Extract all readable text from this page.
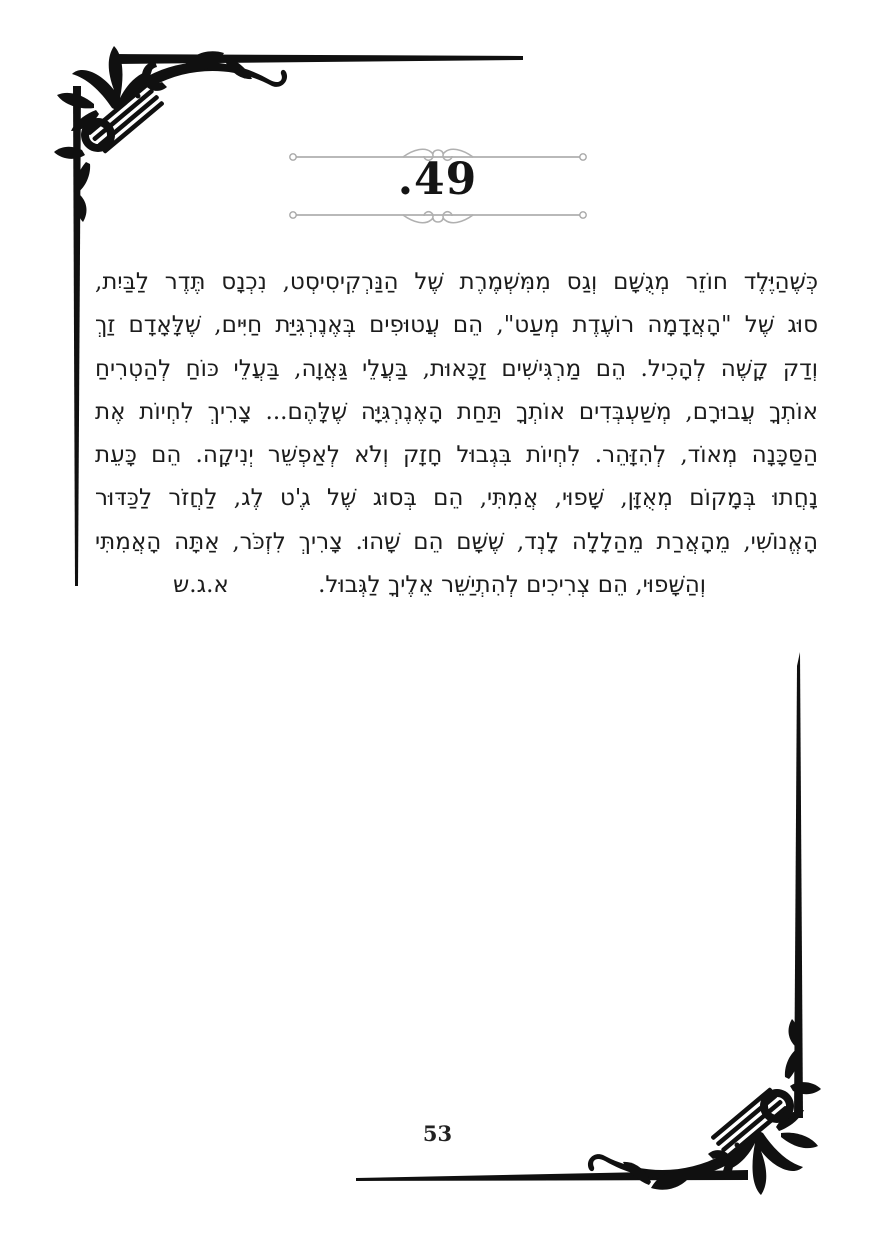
49.
כְּשֶׁהַיֶּלֶד חוֹזֵר מְגֻשָּׁם וְגַס מִמִּשְׁמֶרֶת שֶׁל הַנַּרְקִיסִיסְט, נִכְנָס תֶּדֶר לַבַּיִת,
סוּג שֶׁל "הָאֲדָמָה רוֹעֶדֶת מְעַט", הֵם עֲטוּפִים בְּאֶנֶרְגִּיַּת חַיִּים, שֶׁלָּאָדָם זַךְ
וְדַק קָשֶׁה לְהָכִיל. הֵם מַרְגִּישִׁים זַכָּאוּת, בַּעֲלֵי גַּאֲוָה, בַּעֲלֵי כּוֹחַ לְהַטְרִיחַ
אוֹתְךָ עֲבוּרָם, מְשַׁעְבְּדִים אוֹתְךָ תַּחַת הָאֶנֶרְגִּיָּה שֶׁלָּהֶם... צָרִיךְ לִחְיוֹת אֶת
הַסַּכָּנָה מְאוֹד, לְהִזָּהֵר. לִחְיוֹת בִּגְבוּל חָזָק וְלֹא לְאַפְשֵׁר יְנִיקָה. הֵם כָּעֵת
נָחֲתוּ בְּמָקוֹם מְאֻזָּן, שָׁפוּי, אֲמִתִּי, הֵם בְּסוּג שֶׁל ג'ֶט לֶג, לַחֲזֹר לַכַּדּוּר
הָאֱנוֹשִׁי, מֵהָאֲרַת מֵהַלָלָה לָנְד, שֶׁשָּׁם הֵם שָׁהוּ. צָרִיךְ לִזְכֹּר, אַתָּה הָאֲמִתִּי
וְהַשָּׁפוּי, הֵם צְרִיכִים לְהִתְיַשֵּׁר אֵלֶיךָ לַגְּבוּל.
א.ג.ש
53
